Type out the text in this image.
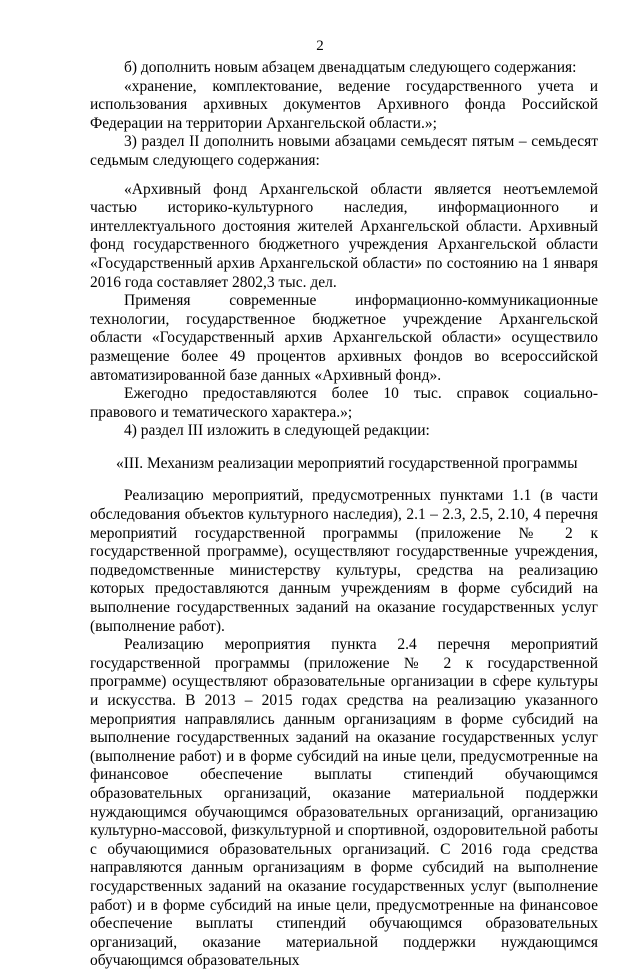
2

б) дополнить новым абзацем двенадцатым следующего содержания:

«хранение, комплектование, ведение государственного учета и использования архивных документов Архивного фонда Российской Федерации на территории Архангельской области.»;

3) раздел II дополнить новыми абзацами семьдесят пятым – семьдесят седьмым следующего содержания:

«Архивный фонд Архангельской области является неотъемлемой частью историко-культурного наследия, информационного и интеллектуального достояния жителей Архангельской области. Архивный фонд государственного бюджетного учреждения Архангельской области «Государственный архив Архангельской области» по состоянию на 1 января 2016 года составляет 2802,3 тыс. дел.

Применяя современные информационно-коммуникационные технологии, государственное бюджетное учреждение Архангельской области «Государственный архив Архангельской области» осуществило размещение более 49 процентов архивных фондов во всероссийской автоматизированной базе данных «Архивный фонд».

Ежегодно предоставляются более 10 тыс. справок социально-правового и тематического характера.»;

4) раздел III изложить в следующей редакции:

«III. Механизм реализации мероприятий государственной программы

Реализацию мероприятий, предусмотренных пунктами 1.1 (в части обследования объектов культурного наследия), 2.1 – 2.3, 2.5, 2.10, 4 перечня мероприятий государственной программы (приложение № 2 к государственной программе), осуществляют государственные учреждения, подведомственные министерству культуры, средства на реализацию которых предоставляются данным учреждениям в форме субсидий на выполнение государственных заданий на оказание государственных услуг (выполнение работ).

Реализацию мероприятия пункта 2.4 перечня мероприятий государственной программы (приложение № 2 к государственной программе) осуществляют образовательные организации в сфере культуры и искусства. В 2013 – 2015 годах средства на реализацию указанного мероприятия направлялись данным организациям в форме субсидий на выполнение государственных заданий на оказание государственных услуг (выполнение работ) и в форме субсидий на иные цели, предусмотренные на финансовое обеспечение выплаты стипендий обучающимся образовательных организаций, оказание материальной поддержки нуждающимся обучающимся образовательных организаций, организацию культурно-массовой, физкультурной и спортивной, оздоровительной работы с обучающимися образовательных организаций. С 2016 года средства направляются данным организациям в форме субсидий на выполнение государственных заданий на оказание государственных услуг (выполнение работ) и в форме субсидий на иные цели, предусмотренные на финансовое обеспечение выплаты стипендий обучающимся образовательных организаций, оказание материальной поддержки нуждающимся обучающимся образовательных
